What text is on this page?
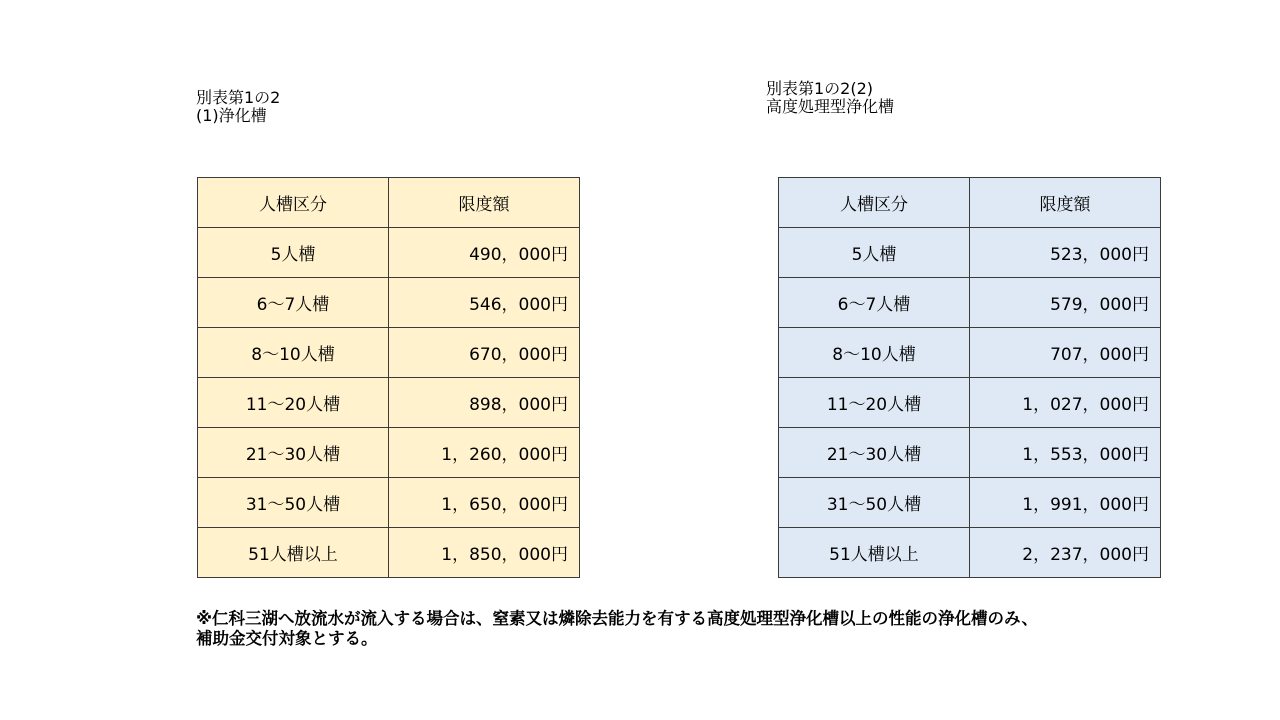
別表第1の2
(1)浄化槽
別表第1の2(2)
高度処理型浄化槽
人槽区分	限度額
5人槽	490，000円
6～7人槽	546，000円
8～10人槽	670，000円
11～20人槽	898，000円
21～30人槽	1，260，000円
31～50人槽	1，650，000円
51人槽以上	1，850，000円
人槽区分	限度額
5人槽	523，000円
6～7人槽	579，000円
8～10人槽	707，000円
11～20人槽	1，027，000円
21～30人槽	1，553，000円
31～50人槽	1，991，000円
51人槽以上	2，237，000円
※仁科三湖へ放流水が流入する場合は、窒素又は燐除去能力を有する高度処理型浄化槽以上の性能の浄化槽のみ、
補助金交付対象とする。
